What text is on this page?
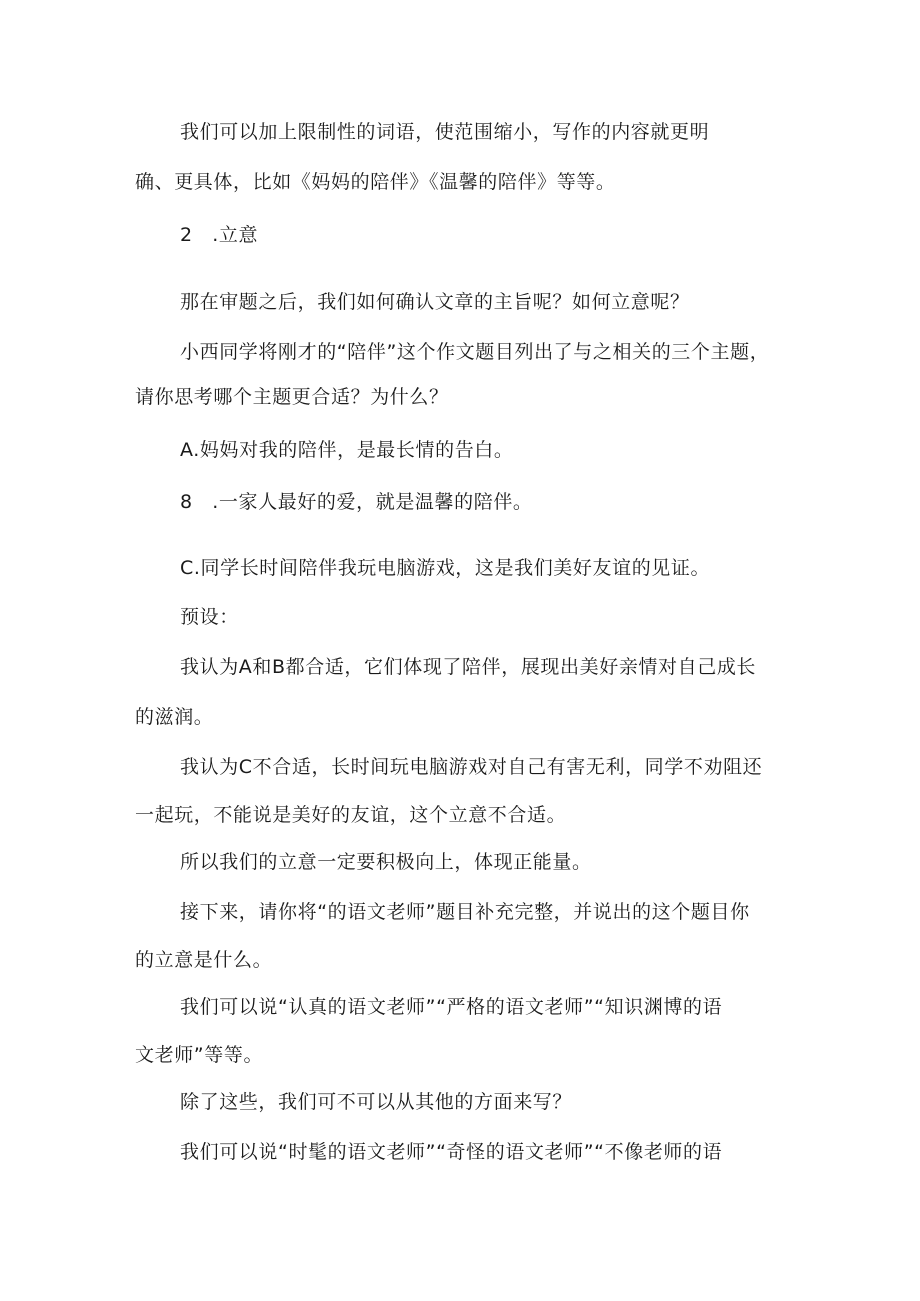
我们可以加上限制性的词语，使范围缩小，写作的内容就更明
确、更具体，比如《妈妈的陪伴》《温馨的陪伴》等等。
2　.立意
那在审题之后，我们如何确认文章的主旨呢？如何立意呢？
小西同学将刚才的“陪伴”这个作文题目列出了与之相关的三个主题，
请你思考哪个主题更合适？为什么？
A.妈妈对我的陪伴，是最长情的告白。
8　.一家人最好的爱，就是温馨的陪伴。
C.同学长时间陪伴我玩电脑游戏，这是我们美好友谊的见证。
预设：
我认为A和B都合适，它们体现了陪伴，展现出美好亲情对自己成长
的滋润。
我认为C不合适，长时间玩电脑游戏对自己有害无利，同学不劝阻还
一起玩，不能说是美好的友谊，这个立意不合适。
所以我们的立意一定要积极向上，体现正能量。
接下来，请你将“的语文老师”题目补充完整，并说出的这个题目你
的立意是什么。
我们可以说“认真的语文老师”“严格的语文老师”“知识渊博的语
文老师”等等。
除了这些，我们可不可以从其他的方面来写？
我们可以说“时髦的语文老师”“奇怪的语文老师”“不像老师的语
